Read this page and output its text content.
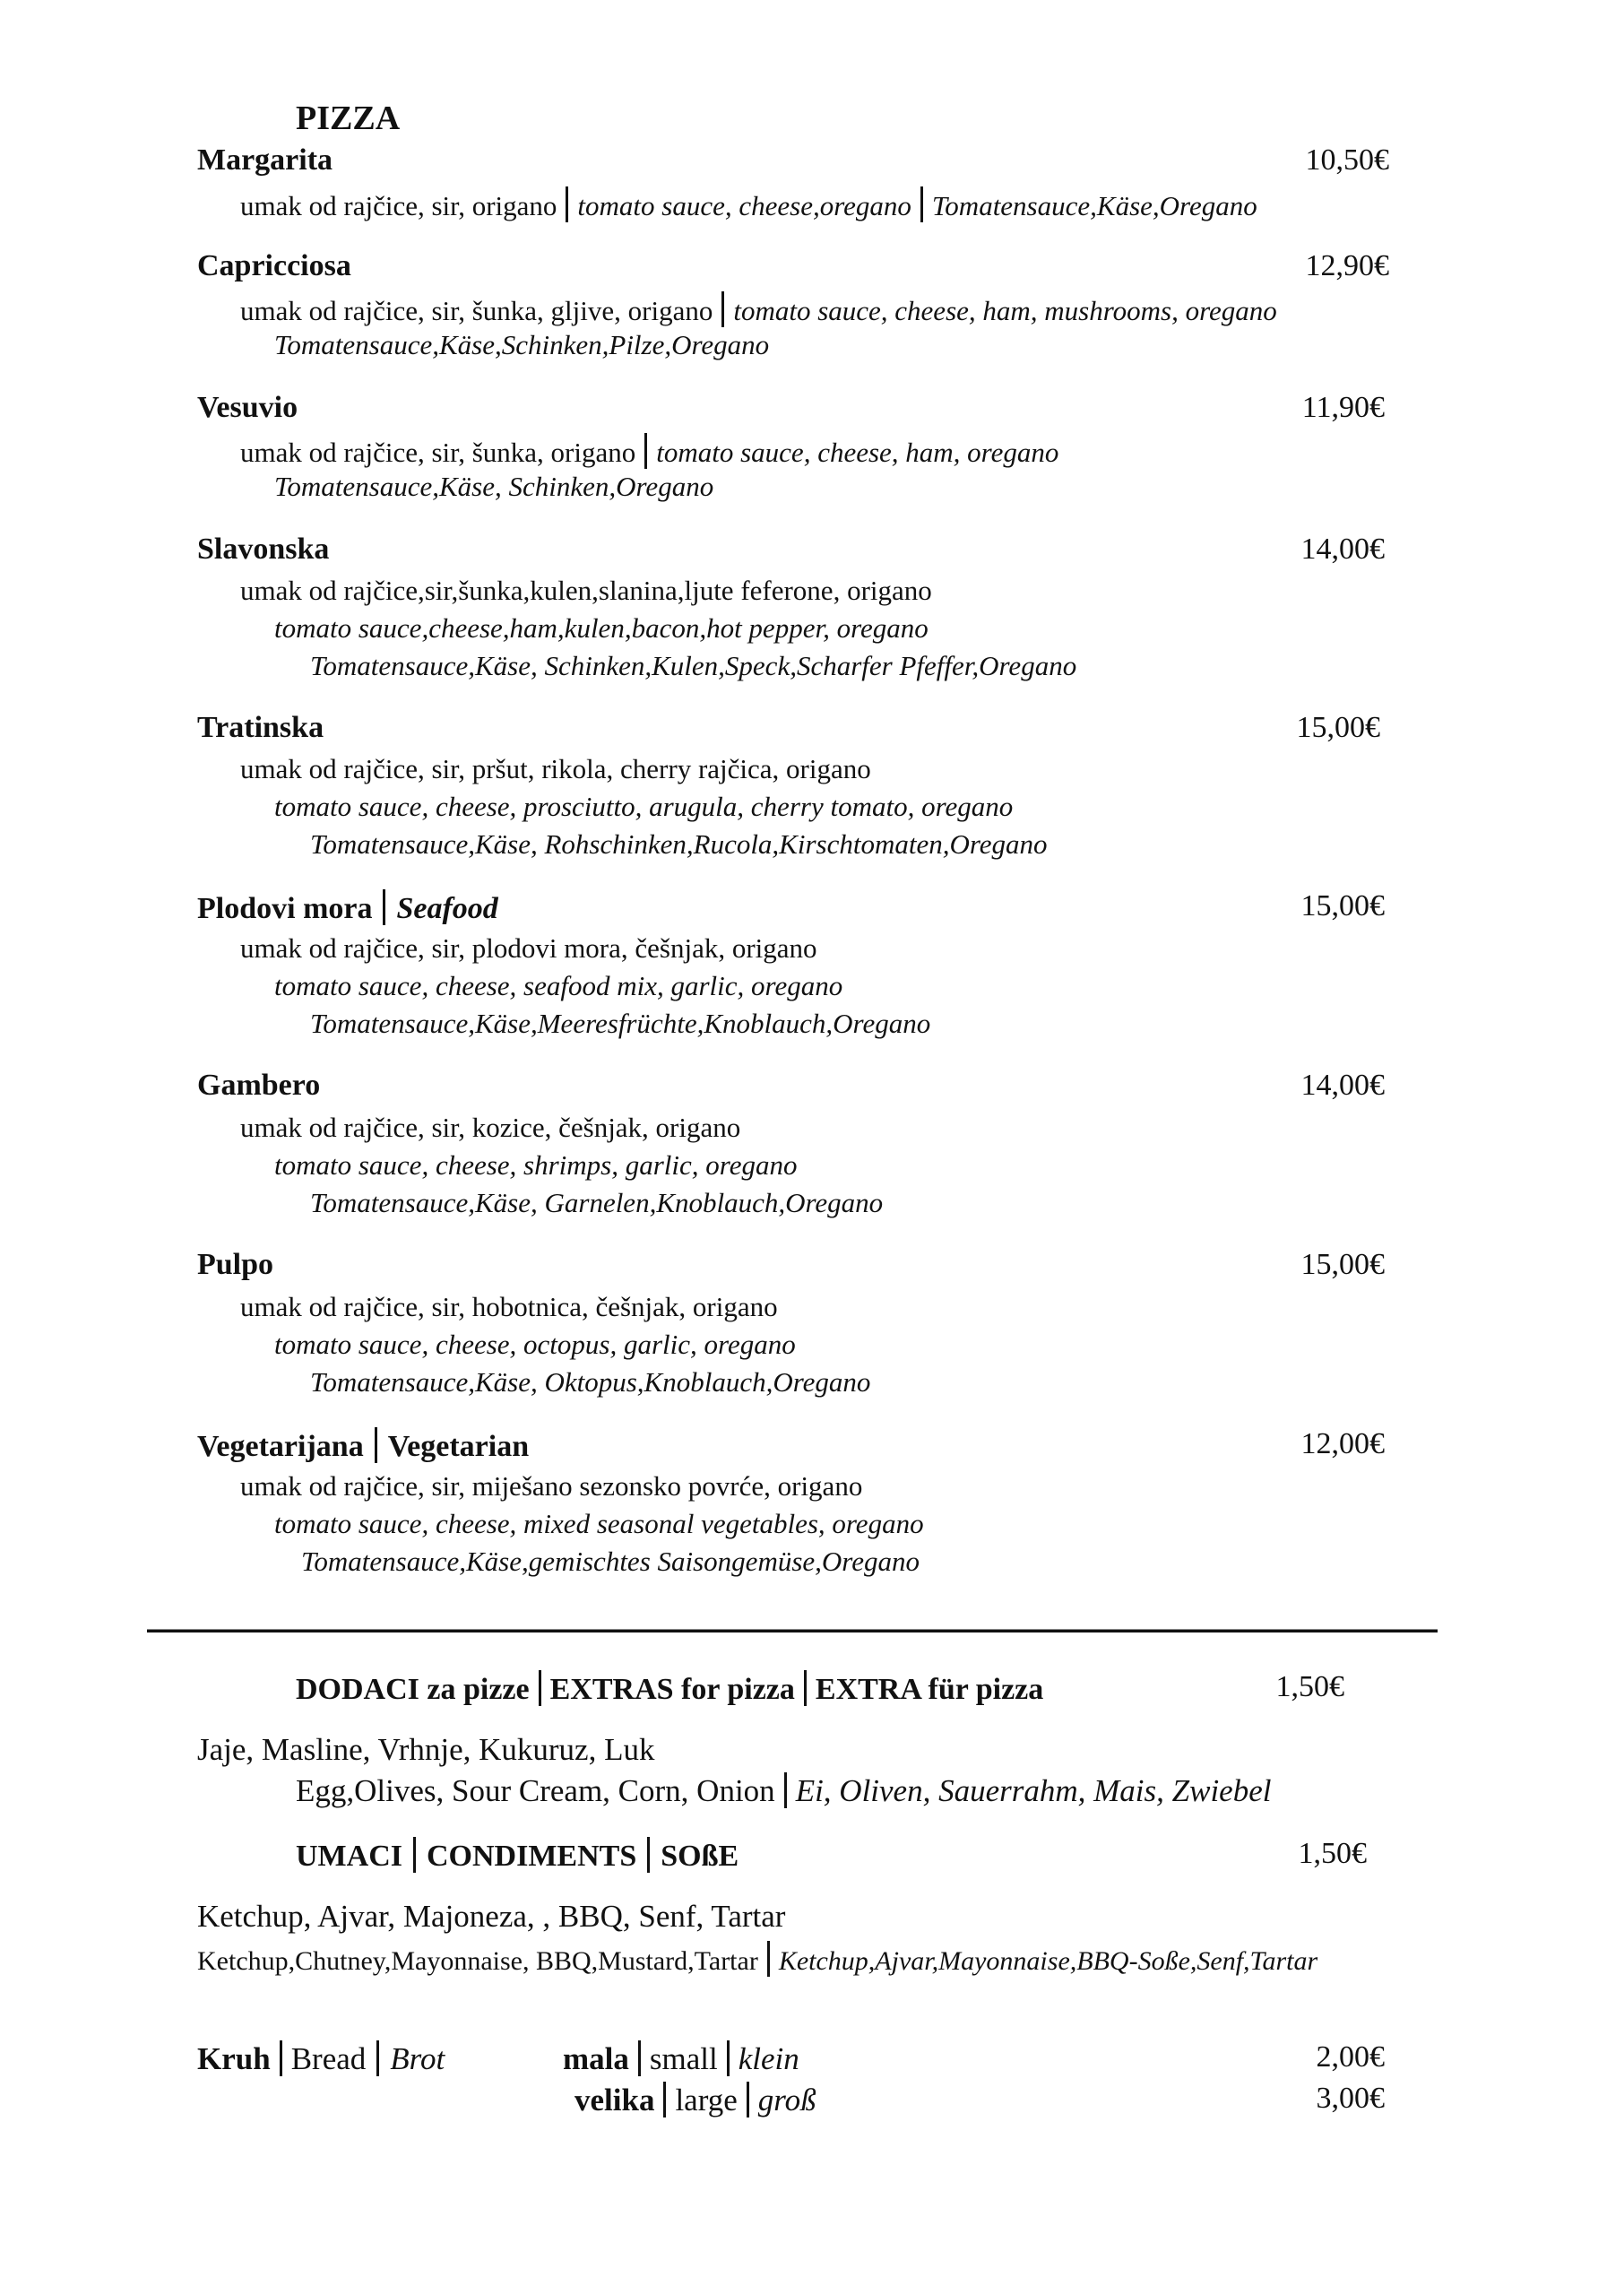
PIZZA
Margarita	10,50€
umak od rajčice, sir, origano tomato sauce, cheese,oregano Tomatensauce,Käse,Oregano
Capricciosa	12,90€
umak od rajčice, sir, šunka, gljive, origano tomato sauce, cheese, ham, mushrooms, oregano
Tomatensauce,Käse,Schinken,Pilze,Oregano
Vesuvio	11,90€
umak od rajčice, sir, šunka, origano tomato sauce, cheese, ham, oregano
Tomatensauce,Käse, Schinken,Oregano
Slavonska	14,00€
umak od rajčice,sir,šunka,kulen,slanina,ljute feferone, origano
tomato sauce,cheese,ham,kulen,bacon,hot pepper, oregano
Tomatensauce,Käse, Schinken,Kulen,Speck,Scharfer Pfeffer,Oregano
Tratinska	15,00€
umak od rajčice, sir, pršut, rikola, cherry rajčica, origano
tomato sauce, cheese, prosciutto, arugula, cherry tomato, oregano
Tomatensauce,Käse, Rohschinken,Rucola,Kirschtomaten,Oregano
Plodovi mora Seafood	15,00€
umak od rajčice, sir, plodovi mora, češnjak, origano
tomato sauce, cheese, seafood mix, garlic, oregano
Tomatensauce,Käse,Meeresfrüchte,Knoblauch,Oregano
Gambero	14,00€
umak od rajčice, sir, kozice, češnjak, origano
tomato sauce, cheese, shrimps, garlic, oregano
Tomatensauce,Käse, Garnelen,Knoblauch,Oregano
Pulpo	15,00€
umak od rajčice, sir, hobotnica, češnjak, origano
tomato sauce, cheese, octopus, garlic, oregano
Tomatensauce,Käse, Oktopus,Knoblauch,Oregano
Vegetarijana Vegetarian	12,00€
umak od rajčice, sir, miješano sezonsko povrće, origano
tomato sauce, cheese, mixed seasonal vegetables, oregano
Tomatensauce,Käse,gemischtes Saisongemüse,Oregano
DODACI za pizze EXTRAS for pizza EXTRA für pizza	1,50€
Jaje, Masline, Vrhnje, Kukuruz, Luk
Egg,Olives, Sour Cream, Corn, Onion Ei, Oliven, Sauerrahm, Mais, Zwiebel
UMACI CONDIMENTS SOßE	1,50€
Ketchup, Ajvar, Majoneza, , BBQ, Senf, Tartar
Ketchup,Chutney,Mayonnaise, BBQ,Mustard,Tartar Ketchup,Ajvar,Mayonnaise,BBQ-Soße,Senf,Tartar
Kruh Bread Brot	mala small klein	2,00€
velika large groß	3,00€
